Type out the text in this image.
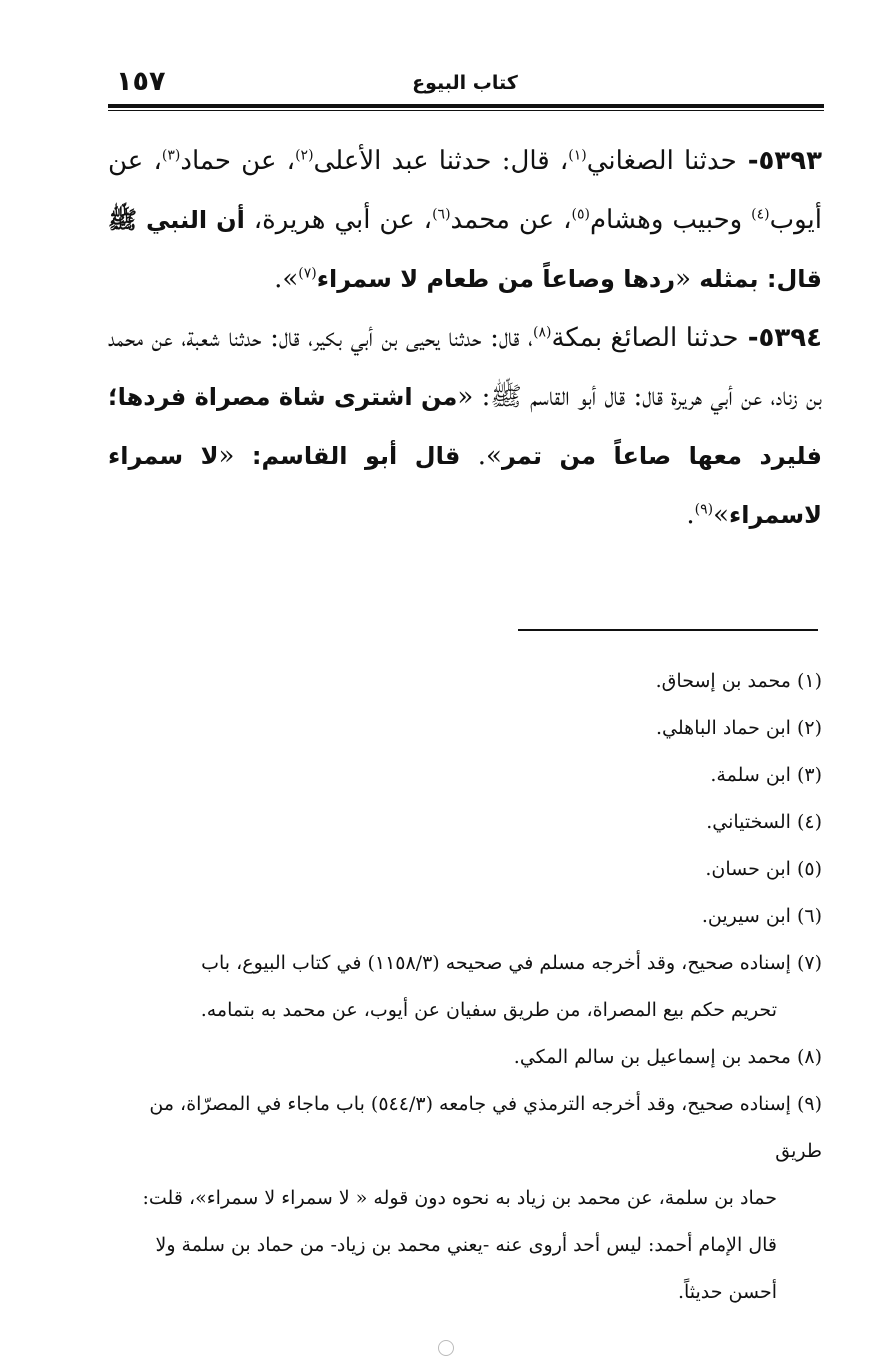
كتاب البيوع
١٥٧

٥٣٩٣- حدثنا الصغاني$^{(١)}$، قال: حدثنا عبد الأعلى$^{(٢)}$، عن حماد$^{(٣)}$، عن أيوب$^{(٤)}$ وحبيب وهشام$^{(٥)}$، عن محمد$^{(٦)}$، عن أبي هريرة، أن النبي ﷺ قال: بمثله «ردها وصاعاً من طعام لا سمراء$^{(٧)}$».

٥٣٩٤- حدثنا الصائغ بمكة$^{(٨)}$، قال: حدثنا يحيى بن أبي بكير، قال: حدثنا شعبة، عن محمد بن زناد، عن أبي هريرة قال: قال أبو القاسم ﷺ: «من اشترى شاة مصراة فردها؛ فليرد معها صاعاً من تمر». قال أبو القاسم: «لا سمراء لاسمراء»$^{(٩)}$.

(١) محمد بن إسحاق.

(٢) ابن حماد الباهلي.

(٣) ابن سلمة.

(٤) السختياني.

(٥) ابن حسان.

(٦) ابن سيرين.

(٧) إسناده صحيح، وقد أخرجه مسلم في صحيحه (١١٥٨/٣) في كتاب البيوع، باب
تحريم حكم بيع المصراة، من طريق سفيان عن أيوب، عن محمد به بتمامه.

(٨) محمد بن إسماعيل بن سالم المكي.

(٩) إسناده صحيح، وقد أخرجه الترمذي في جامعه (٥٤٤/٣) باب ماجاء في المصرّاة، من طريق
حماد بن سلمة، عن محمد بن زياد به نحوه دون قوله « لا سمراء لا سمراء»، قلت: قال الإمام أحمد: ليس أحد أروى عنه -يعني محمد بن زياد- من حماد بن سلمة ولا أحسن حديثاً.
